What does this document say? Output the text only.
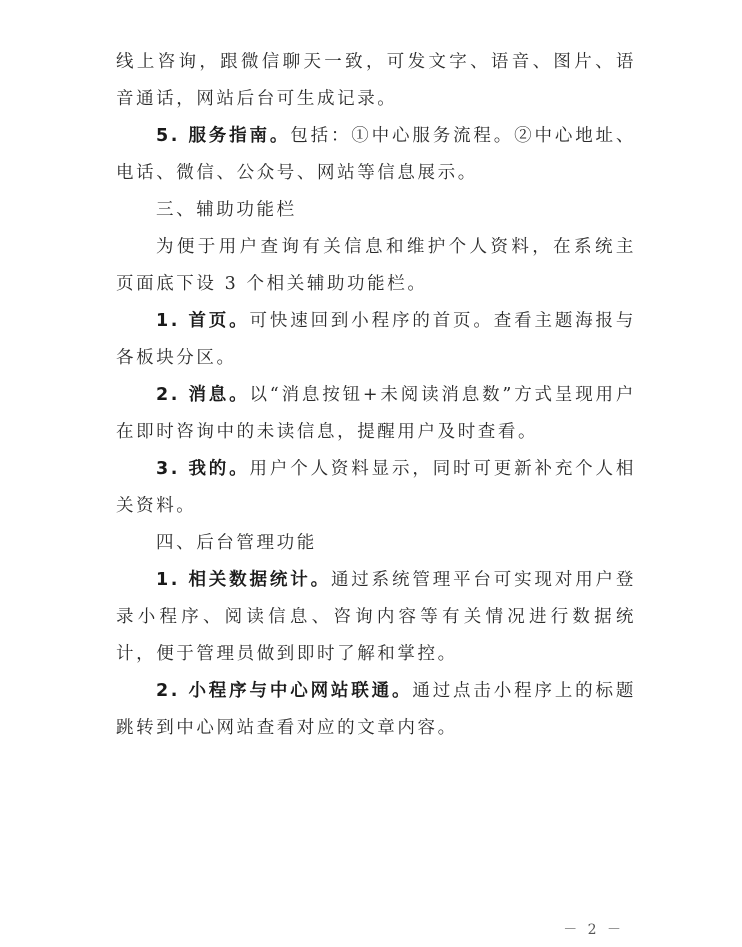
线上咨询，跟微信聊天一致，可发文字、语音、图片、语音通话，网站后台可生成记录。

5. 服务指南。包括：①中心服务流程。②中心地址、电话、微信、公众号、网站等信息展示。

三、辅助功能栏

为便于用户查询有关信息和维护个人资料，在系统主页面底下设 3 个相关辅助功能栏。

1. 首页。可快速回到小程序的首页。查看主题海报与各板块分区。

2. 消息。以“消息按钮+未阅读消息数”方式呈现用户在即时咨询中的未读信息，提醒用户及时查看。

3. 我的。用户个人资料显示，同时可更新补充个人相关资料。

四、后台管理功能

1. 相关数据统计。通过系统管理平台可实现对用户登录小程序、阅读信息、咨询内容等有关情况进行数据统计，便于管理员做到即时了解和掌控。

2. 小程序与中心网站联通。通过点击小程序上的标题跳转到中心网站查看对应的文章内容。

－ 2 －
